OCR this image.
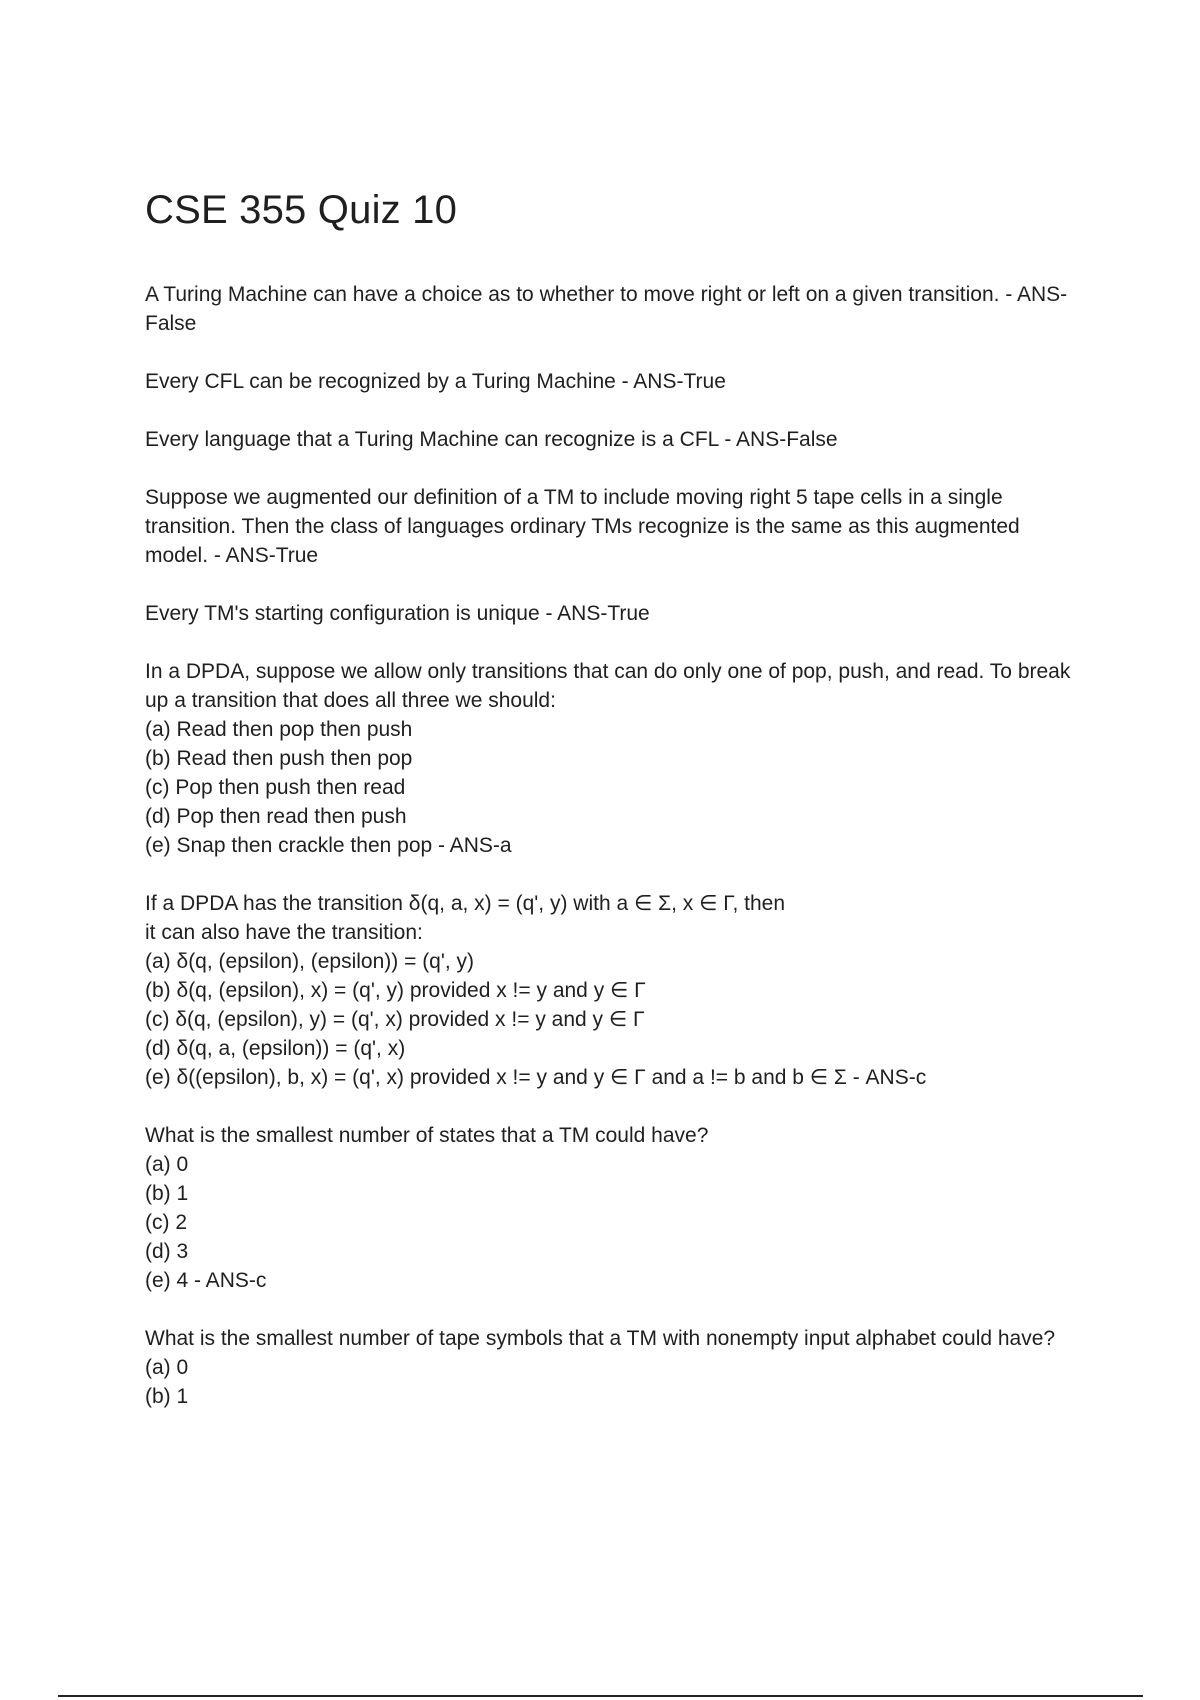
CSE 355 Quiz 10

A Turing Machine can have a choice as to whether to move right or left on a given transition. - ANS-False

Every CFL can be recognized by a Turing Machine - ANS-True

Every language that a Turing Machine can recognize is a CFL - ANS-False

Suppose we augmented our definition of a TM to include moving right 5 tape cells in a single transition. Then the class of languages ordinary TMs recognize is the same as this augmented model. - ANS-True

Every TM's starting configuration is unique - ANS-True

In a DPDA, suppose we allow only transitions that can do only one of pop, push, and read. To break up a transition that does all three we should:

(a) Read then pop then push
(b) Read then push then pop
(c) Pop then push then read
(d) Pop then read then push
(e) Snap then crackle then pop - ANS-a

If a DPDA has the transition δ(q, a, x) = (q', y) with a ∈ Σ, x ∈ Γ, then

it can also have the transition:

(a) δ(q, (epsilon), (epsilon)) = (q', y)
(b) δ(q, (epsilon), x) = (q', y) provided x != y and y ∈ Γ
(c) δ(q, (epsilon), y) = (q', x) provided x != y and y ∈ Γ
(d) δ(q, a, (epsilon)) = (q', x)
(e) δ((epsilon), b, x) = (q', x) provided x != y and y ∈ Γ and a != b and b ∈ Σ - ANS-c

What is the smallest number of states that a TM could have?

(a) 0
(b) 1
(c) 2
(d) 3
(e) 4 - ANS-c

What is the smallest number of tape symbols that a TM with nonempty input alphabet could have?

(a) 0
(b) 1
